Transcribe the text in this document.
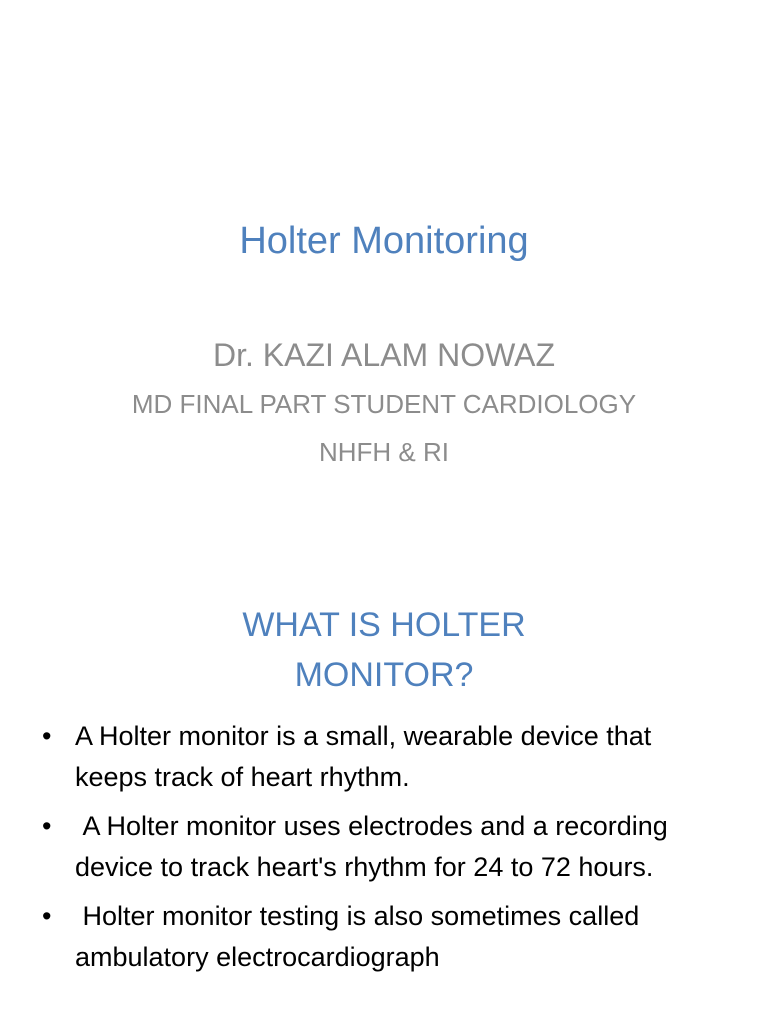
Holter Monitoring
Dr. KAZI ALAM NOWAZ
MD FINAL PART STUDENT CARDIOLOGY
NHFH & RI
WHAT IS HOLTER
MONITOR?
• A Holter monitor is a small, wearable device that keeps track of heart rhythm.
• A Holter monitor uses electrodes and a recording device to track heart's rhythm for 24 to 72 hours.
• Holter monitor testing is also sometimes called ambulatory electrocardiograph
